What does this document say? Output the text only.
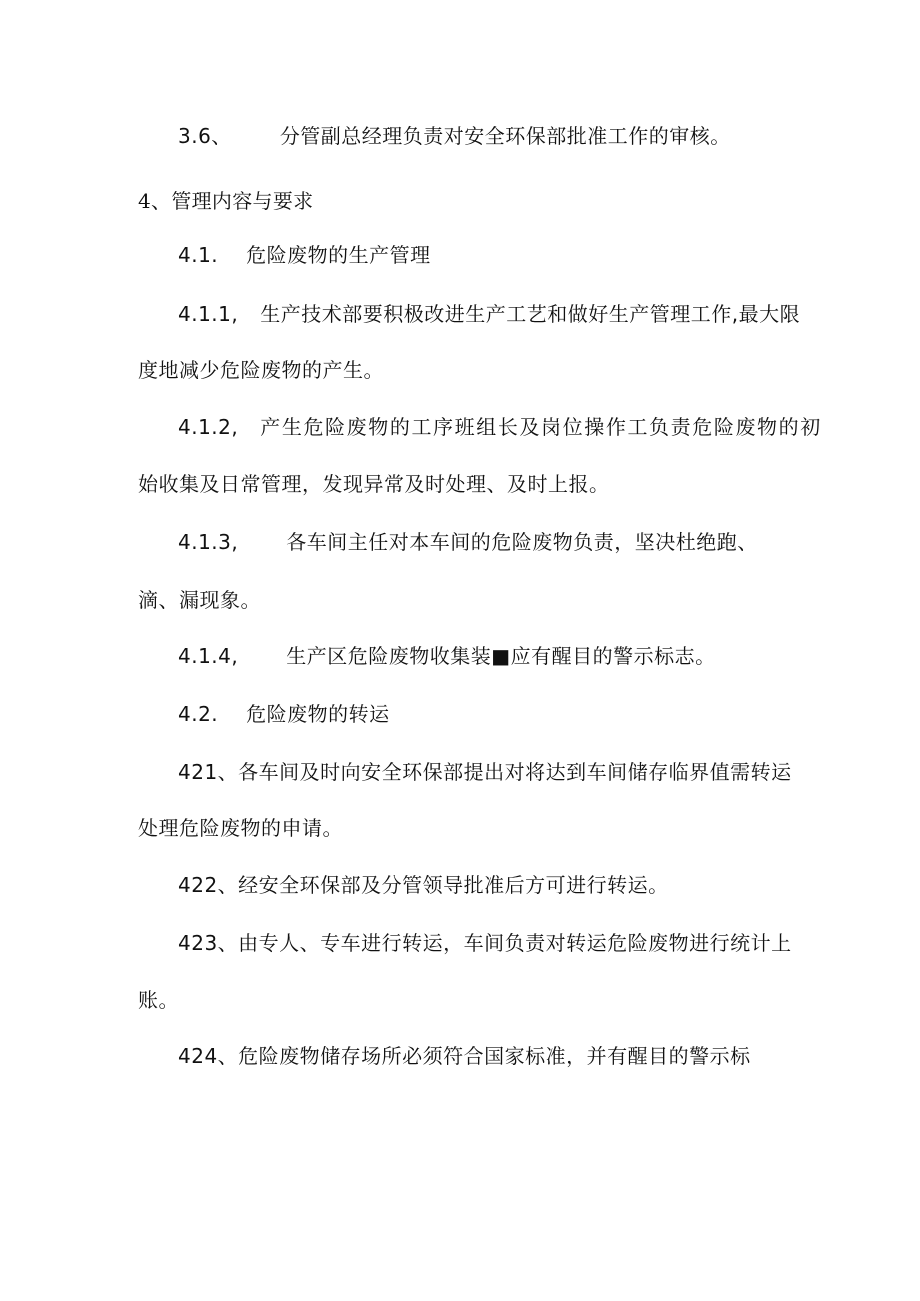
3.6、 分管副总经理负责对安全环保部批准工作的审核。
4、管理内容与要求
4.1. 危险废物的生产管理
4.1.1, 生产技术部要积极改进生产工艺和做好生产管理工作,最大限
度地减少危险废物的产生。
4.1.2, 产生危险废物的工序班组长及岗位操作工负责危险废物的初
始收集及日常管理，发现异常及时处理、及时上报。
4.1.3, 各车间主任对本车间的危险废物负责，坚决杜绝跑、
滴、漏现象。
4.1.4, 生产区危险废物收集装■应有醒目的警示标志。
4.2. 危险废物的转运
421、各车间及时向安全环保部提出对将达到车间储存临界值需转运
处理危险废物的申请。
422、经安全环保部及分管领导批准后方可进行转运。
423、由专人、专车进行转运，车间负责对转运危险废物进行统计上
账。
424、危险废物储存场所必须符合国家标准，并有醒目的警示标
